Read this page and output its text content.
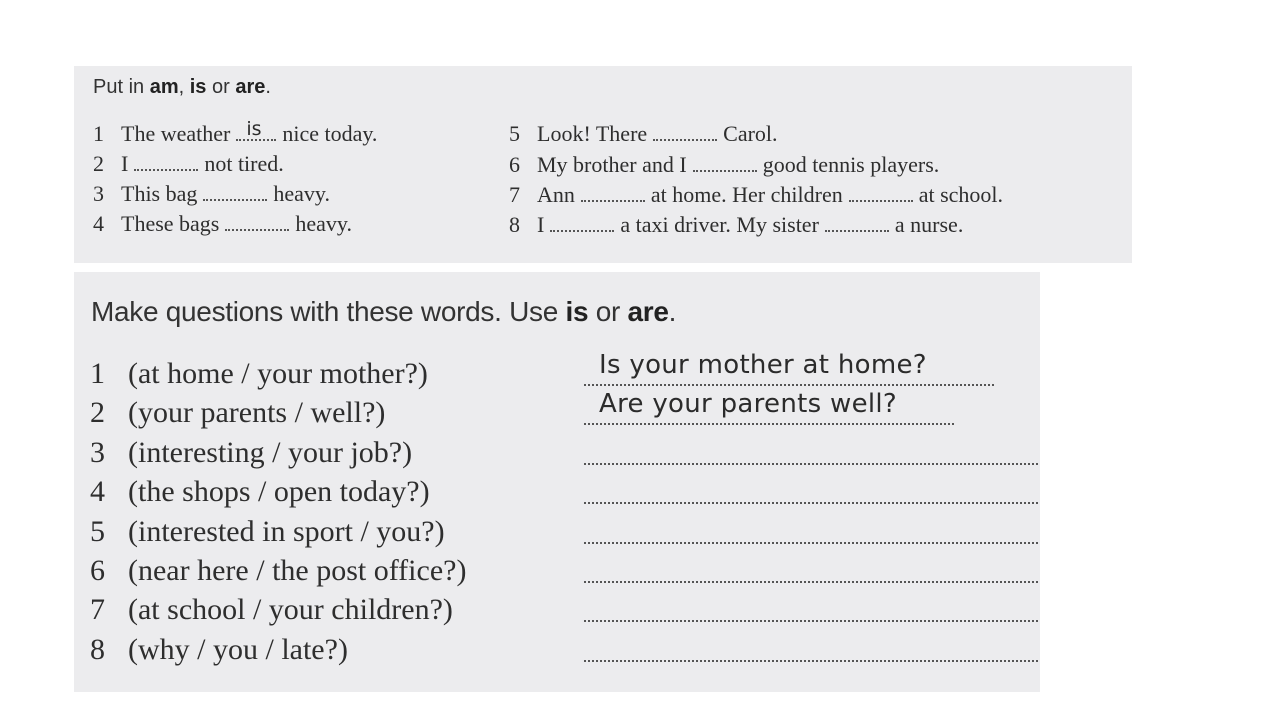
Put in am, is or are.
1 The weather is nice today.
2 I	not tired.
3 This bag	heavy.
4 These bags	heavy.
5 Look! There	Carol.
6 My brother and I	good tennis players.
7 Ann	at home. Her children	at school.
8 I	a taxi driver. My sister	a nurse.
Make questions with these words. Use is or are.
1 (at home / your mother?)
2 (your parents / well?)
3 (interesting / your job?)
4 (the shops / open today?)
5 (interested in sport / you?)
6 (near here / the post office?)
7 (at school / your children?)
8 (why / you / late?)
Is your mother at home?
Are your parents well?
